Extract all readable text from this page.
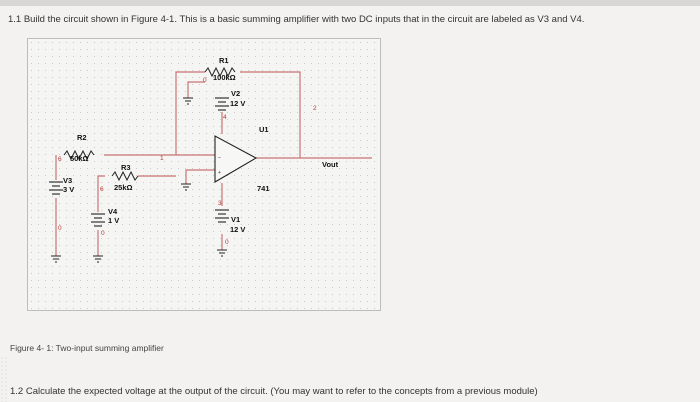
1.1 Build the circuit shown in Figure 4-1. This is a basic summing amplifier with two DC inputs that in the circuit are labeled as V3 and V4.
R1
100kΩ
R2
50kΩ
R3
25kΩ
V3
3 V
V4
1 V
V2
12 V
V1
12 V
–
+
U1
741
Vout
0
1
2
3
4
6
6
0
0
0
Figure 4- 1: Two-input summing amplifier
1.2 Calculate the expected voltage at the output of the circuit. (You may want to refer to the concepts from a previous module)
